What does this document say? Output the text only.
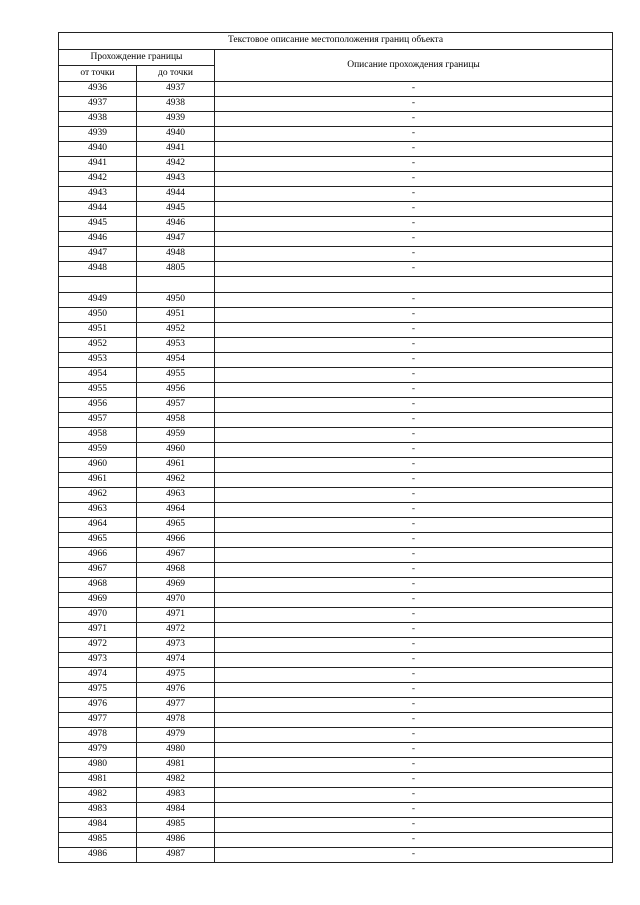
Текстовое описание местоположения границ объекта		
Прохождение границы		Описание прохождения границы
от точки	до точки	
4936	4937	-
4937	4938	-
4938	4939	-
4939	4940	-
4940	4941	-
4941	4942	-
4942	4943	-
4943	4944	-
4944	4945	-
4945	4946	-
4946	4947	-
4947	4948	-
4948	4805	-

4949	4950	-
4950	4951	-
4951	4952	-
4952	4953	-
4953	4954	-
4954	4955	-
4955	4956	-
4956	4957	-
4957	4958	-
4958	4959	-
4959	4960	-
4960	4961	-
4961	4962	-
4962	4963	-
4963	4964	-
4964	4965	-
4965	4966	-
4966	4967	-
4967	4968	-
4968	4969	-
4969	4970	-
4970	4971	-
4971	4972	-
4972	4973	-
4973	4974	-
4974	4975	-
4975	4976	-
4976	4977	-
4977	4978	-
4978	4979	-
4979	4980	-
4980	4981	-
4981	4982	-
4982	4983	-
4983	4984	-
4984	4985	-
4985	4986	-
4986	4987	-
